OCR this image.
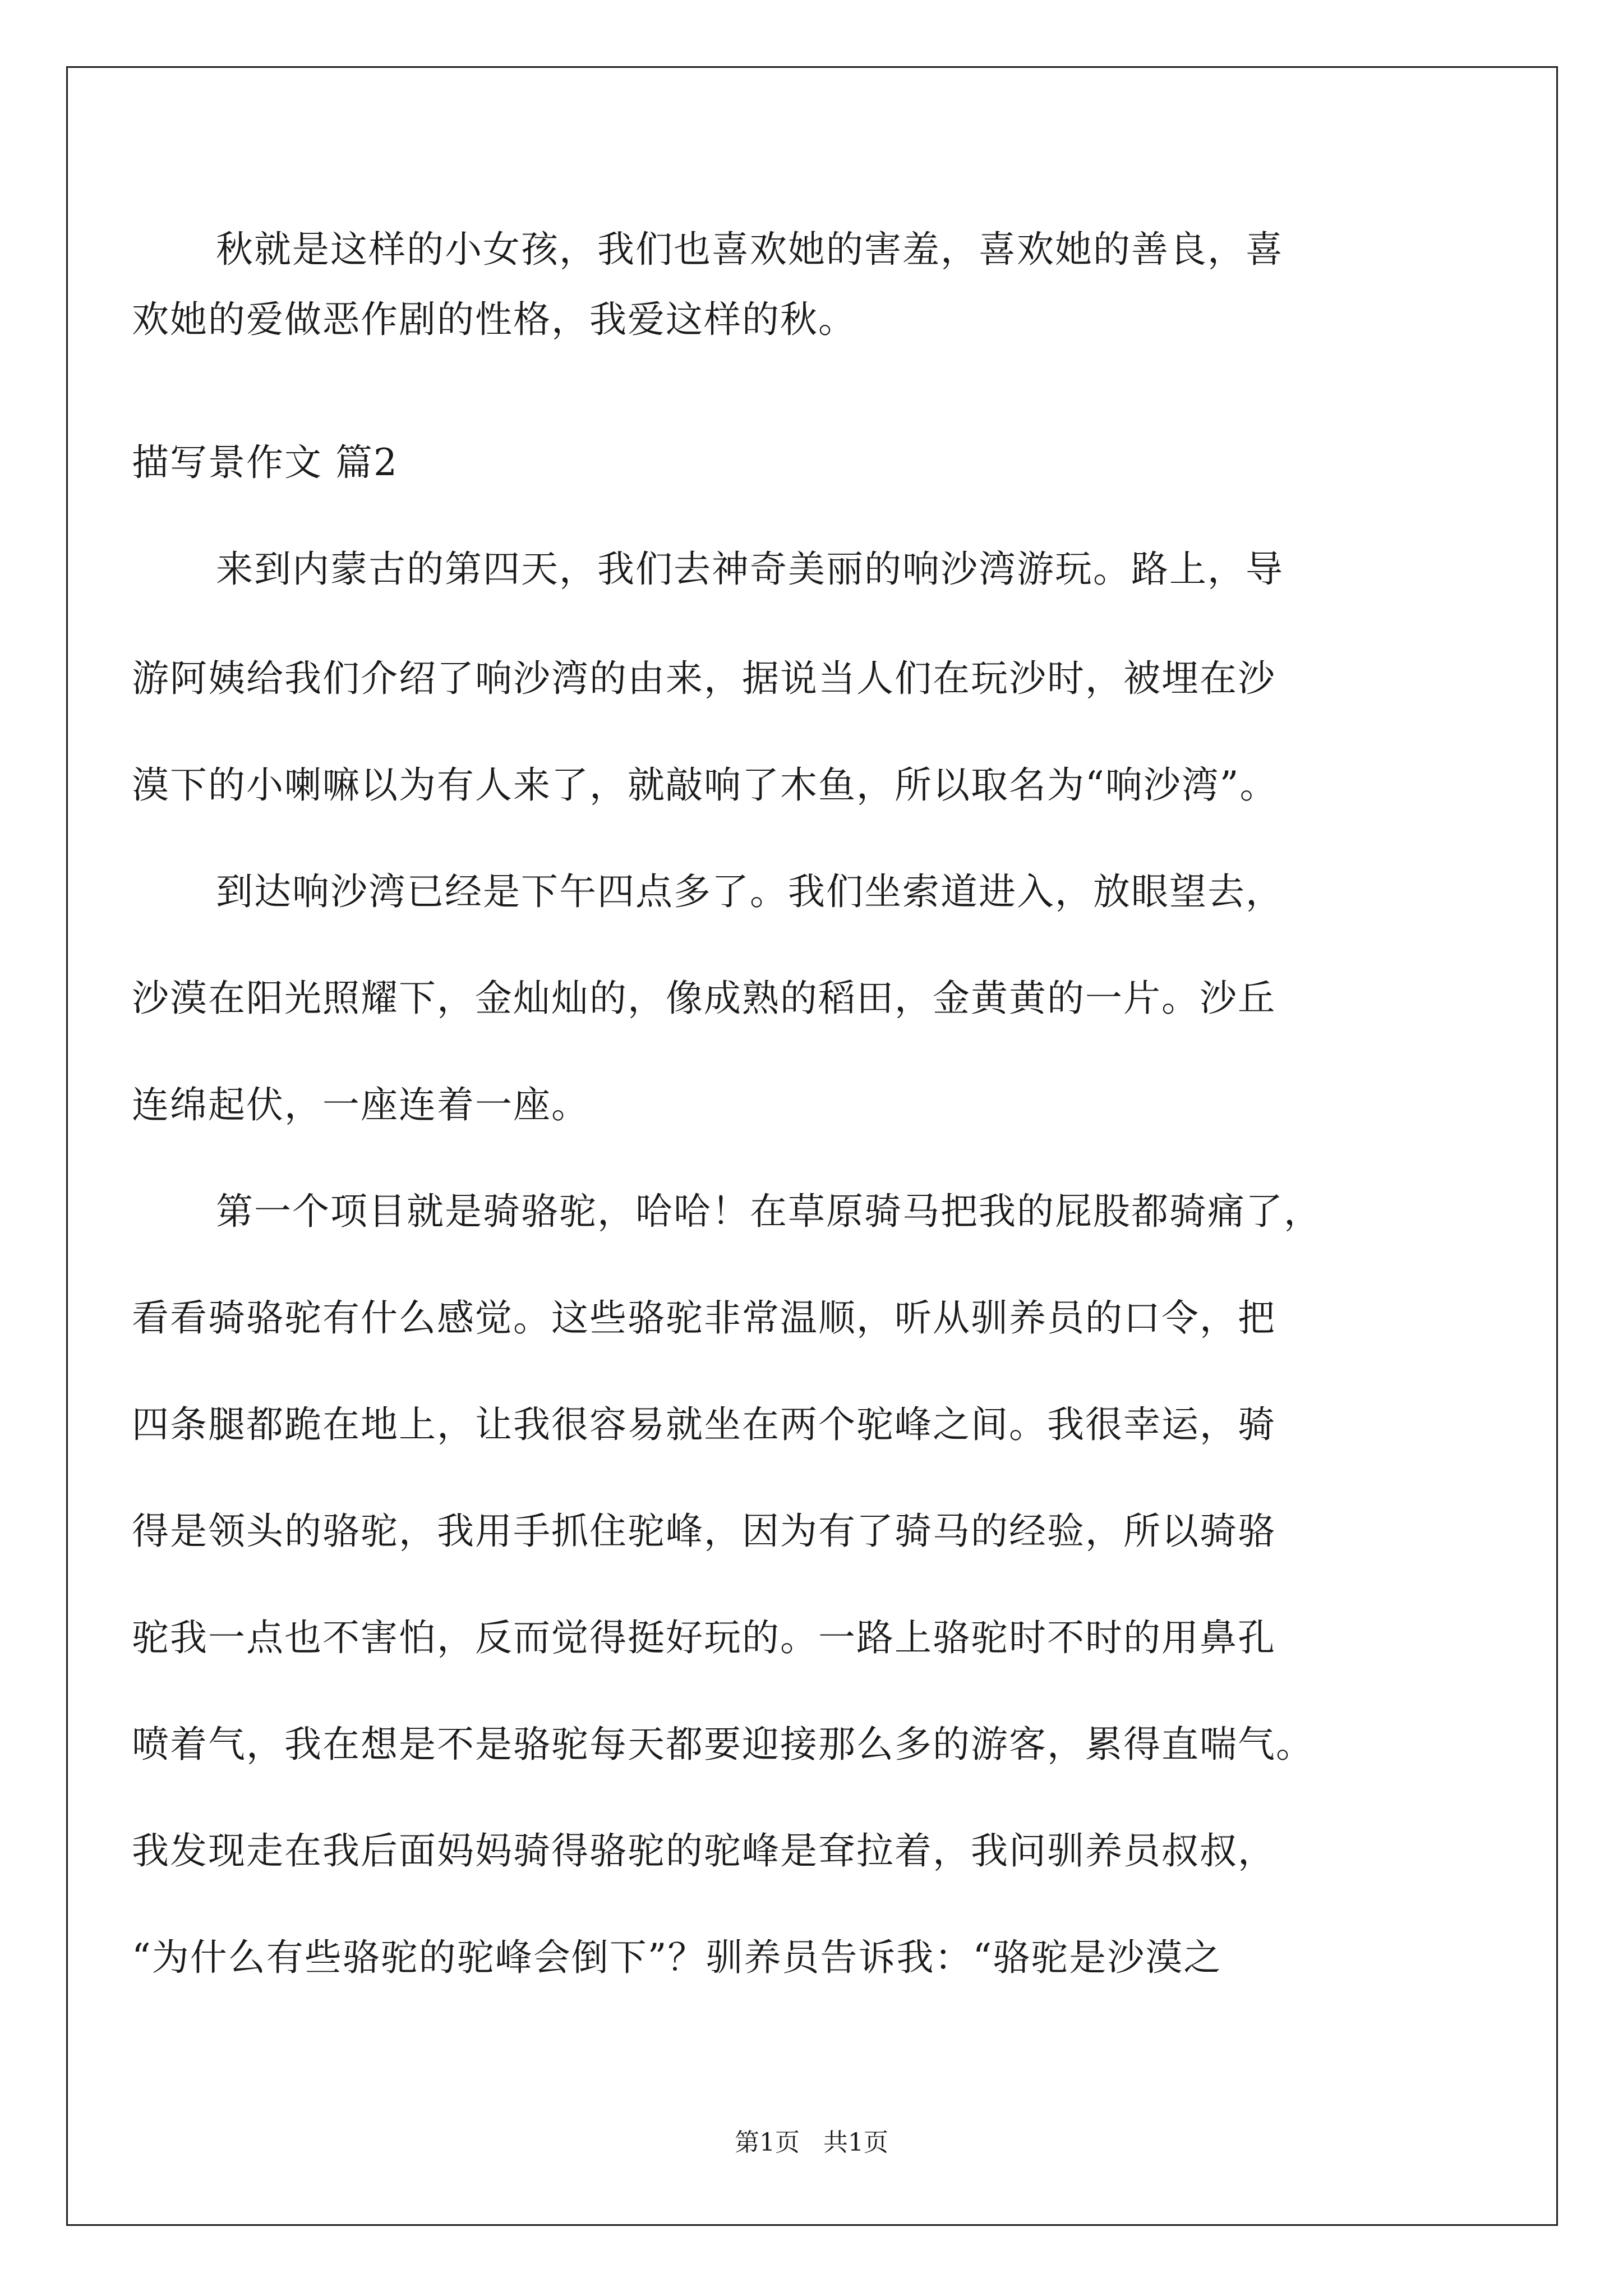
秋就是这样的小女孩，我们也喜欢她的害羞，喜欢她的善良，喜
欢她的爱做恶作剧的性格，我爱这样的秋。
描写景作文 篇2
来到内蒙古的第四天，我们去神奇美丽的响沙湾游玩。路上，导
游阿姨给我们介绍了响沙湾的由来，据说当人们在玩沙时，被埋在沙
漠下的小喇嘛以为有人来了，就敲响了木鱼，所以取名为“响沙湾”。
到达响沙湾已经是下午四点多了。我们坐索道进入，放眼望去，
沙漠在阳光照耀下，金灿灿的，像成熟的稻田，金黄黄的一片。沙丘
连绵起伏，一座连着一座。
第一个项目就是骑骆驼，哈哈！在草原骑马把我的屁股都骑痛了，
看看骑骆驼有什么感觉。这些骆驼非常温顺，听从驯养员的口令，把
四条腿都跪在地上，让我很容易就坐在两个驼峰之间。我很幸运，骑
得是领头的骆驼，我用手抓住驼峰，因为有了骑马的经验，所以骑骆
驼我一点也不害怕，反而觉得挺好玩的。一路上骆驼时不时的用鼻孔
喷着气，我在想是不是骆驼每天都要迎接那么多的游客，累得直喘气。
我发现走在我后面妈妈骑得骆驼的驼峰是耷拉着，我问驯养员叔叔，
“为什么有些骆驼的驼峰会倒下”？驯养员告诉我：“骆驼是沙漠之
第1页   共1页
